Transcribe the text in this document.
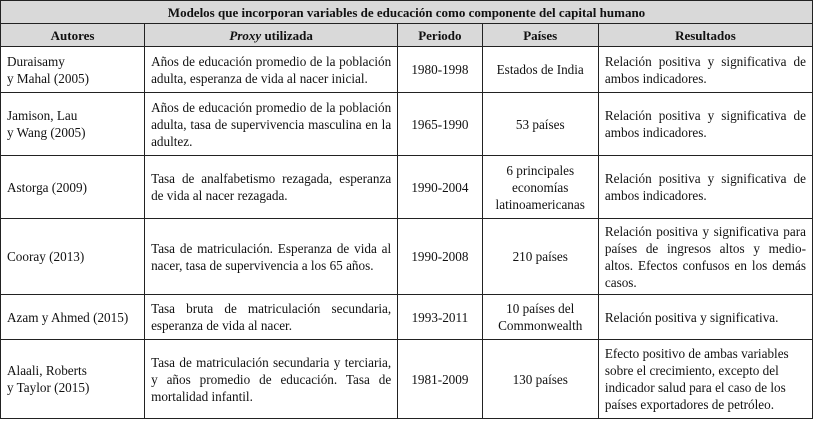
Modelos que incorporan variables de educación como componente del capital humano				
Autores	Proxy utilizada	Periodo	Países	Resultados

Duraisamy
y Mahal (2005)	Años de educación promedio de la población adulta, esperanza de vida al nacer inicial.	1980-1998	Estados de India	Relación positiva y significativa de ambos indicadores.

Jamison, Lau
y Wang (2005)	Años de educación promedio de la población adulta, tasa de supervivencia masculina en la adultez.	1965-1990	53 países	Relación positiva y significativa de ambos indicadores.

Astorga (2009)	Tasa de analfabetismo rezagada, esperanza de vida al nacer rezagada.	1990-2004	6 principales
economías
latinoamericanas	Relación positiva y significativa de ambos indicadores.

Cooray (2013)	Tasa de matriculación. Esperanza de vida al nacer, tasa de supervivencia a los 65 años.	1990-2008	210 países	Relación positiva y significativa para países de ingresos altos y medio-altos. Efectos confusos en los demás casos.

Azam y Ahmed (2015)	Tasa bruta de matriculación secundaria, esperanza de vida al nacer.	1993-2011	10 países del
Commonwealth	Relación positiva y significativa.

Alaali, Roberts
y Taylor (2015)	Tasa de matriculación secundaria y terciaria, y años promedio de educación. Tasa de mortalidad infantil.	1981-2009	130 países	Efecto positivo de ambas variables sobre el crecimiento, excepto del indicador salud para el caso de los países exportadores de petróleo.
